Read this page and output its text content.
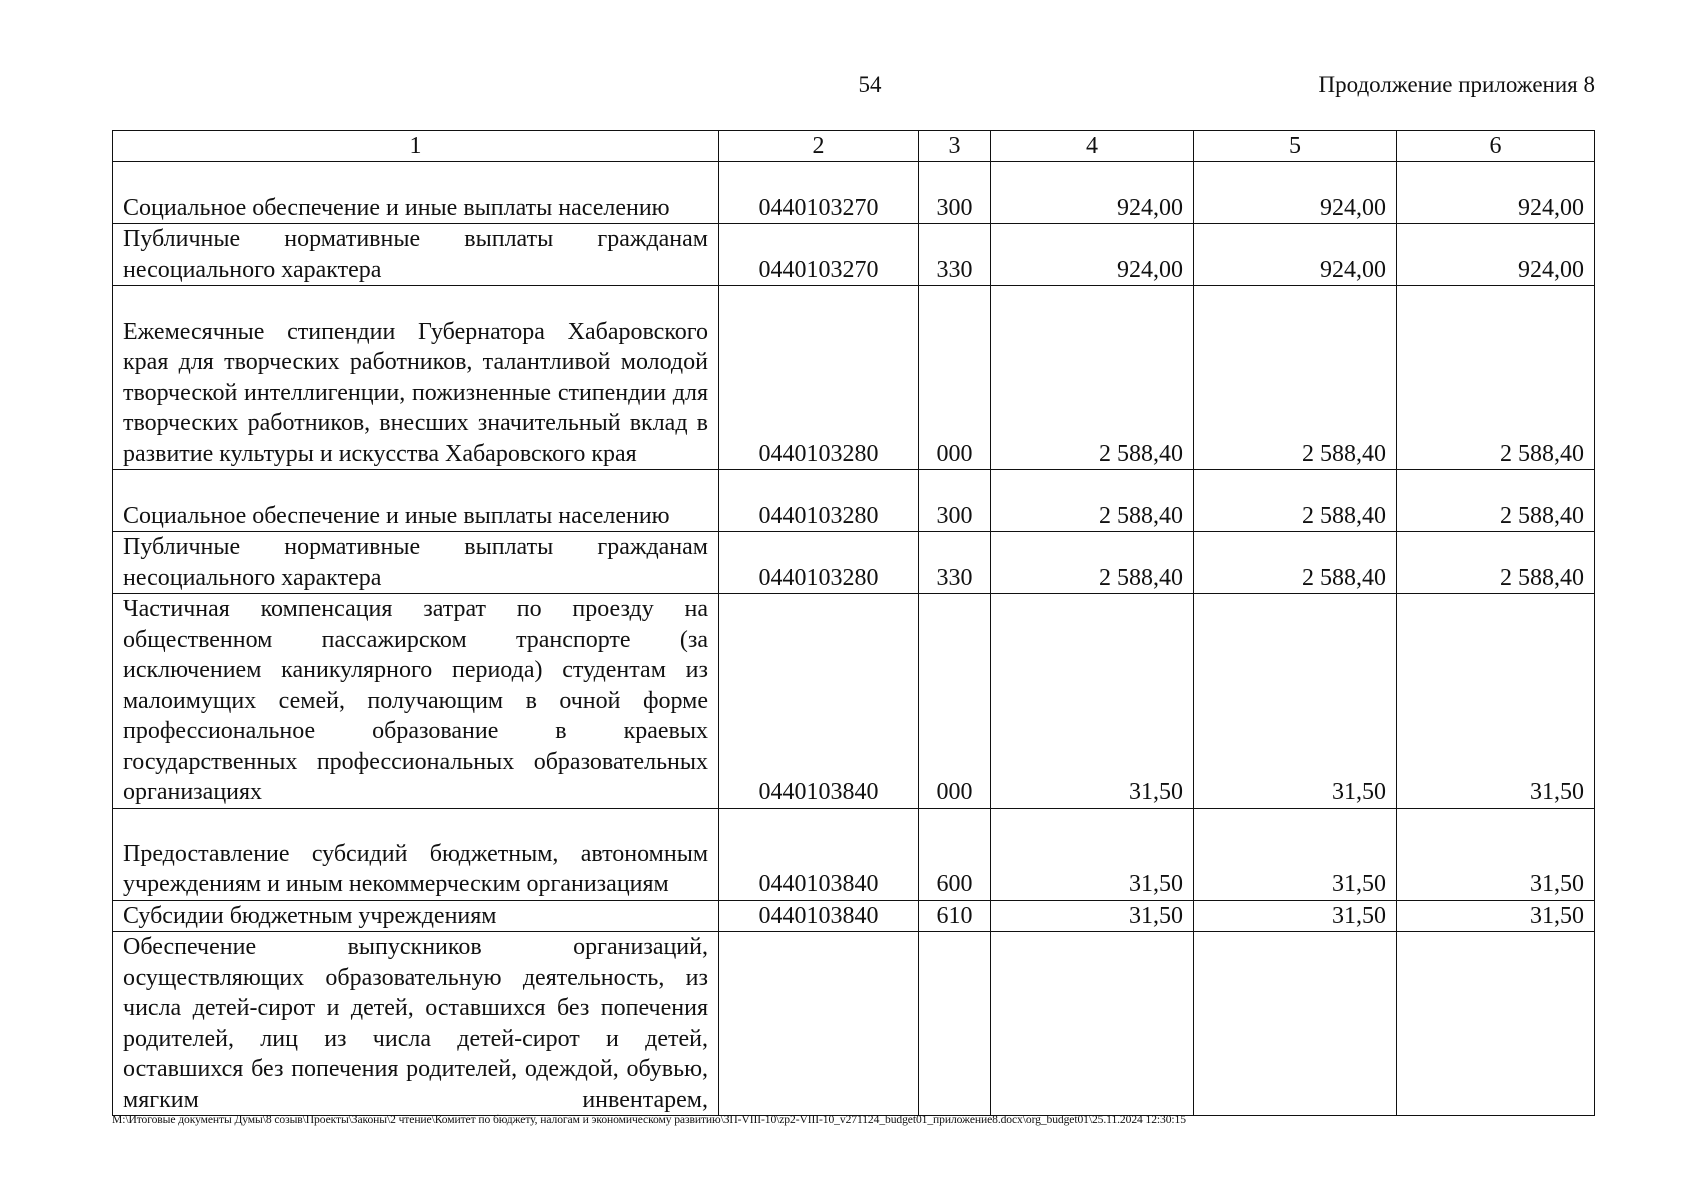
54	Продолжение приложения 8
1	2	3	4	5	6
Социальное обеспечение и иные выплаты населению	0440103270	300	924,00	924,00	924,00
Публичные нормативные выплаты гражданам несоциального характера	0440103270	330	924,00	924,00	924,00
Ежемесячные стипендии Губернатора Хабаровского края для творческих работников, талантливой молодой творческой интеллигенции, пожизненные стипендии для творческих работников, внесших значительный вклад в развитие культуры и искусства Хабаровского края	0440103280	000	2 588,40	2 588,40	2 588,40
Социальное обеспечение и иные выплаты населению	0440103280	300	2 588,40	2 588,40	2 588,40
Публичные нормативные выплаты гражданам несоциального характера	0440103280	330	2 588,40	2 588,40	2 588,40
Частичная компенсация затрат по проезду на общественном пассажирском транспорте (за исключением каникулярного периода) студентам из малоимущих семей, получающим в очной форме профессиональное образование в краевых государственных профессиональных образовательных организациях	0440103840	000	31,50	31,50	31,50
Предоставление субсидий бюджетным, автономным учреждениям и иным некоммерческим организациям	0440103840	600	31,50	31,50	31,50
Субсидии бюджетным учреждениям	0440103840	610	31,50	31,50	31,50
Обеспечение выпускников организаций, осуществляющих образовательную деятельность, из числа детей-сирот и детей, оставшихся без попечения родителей, лиц из числа детей-сирот и детей, оставшихся без попечения родителей, одеждой, обувью, мягким инвентарем,					
M:\Итоговые документы Думы\8 созыв\Проекты\Законы\2 чтение\Комитет по бюджету, налогам и экономическому развитию\ЗП-VIII-10\zp2-VIII-10_v271124_budget01_приложение8.docx\org_budget01\25.11.2024 12:30:15
